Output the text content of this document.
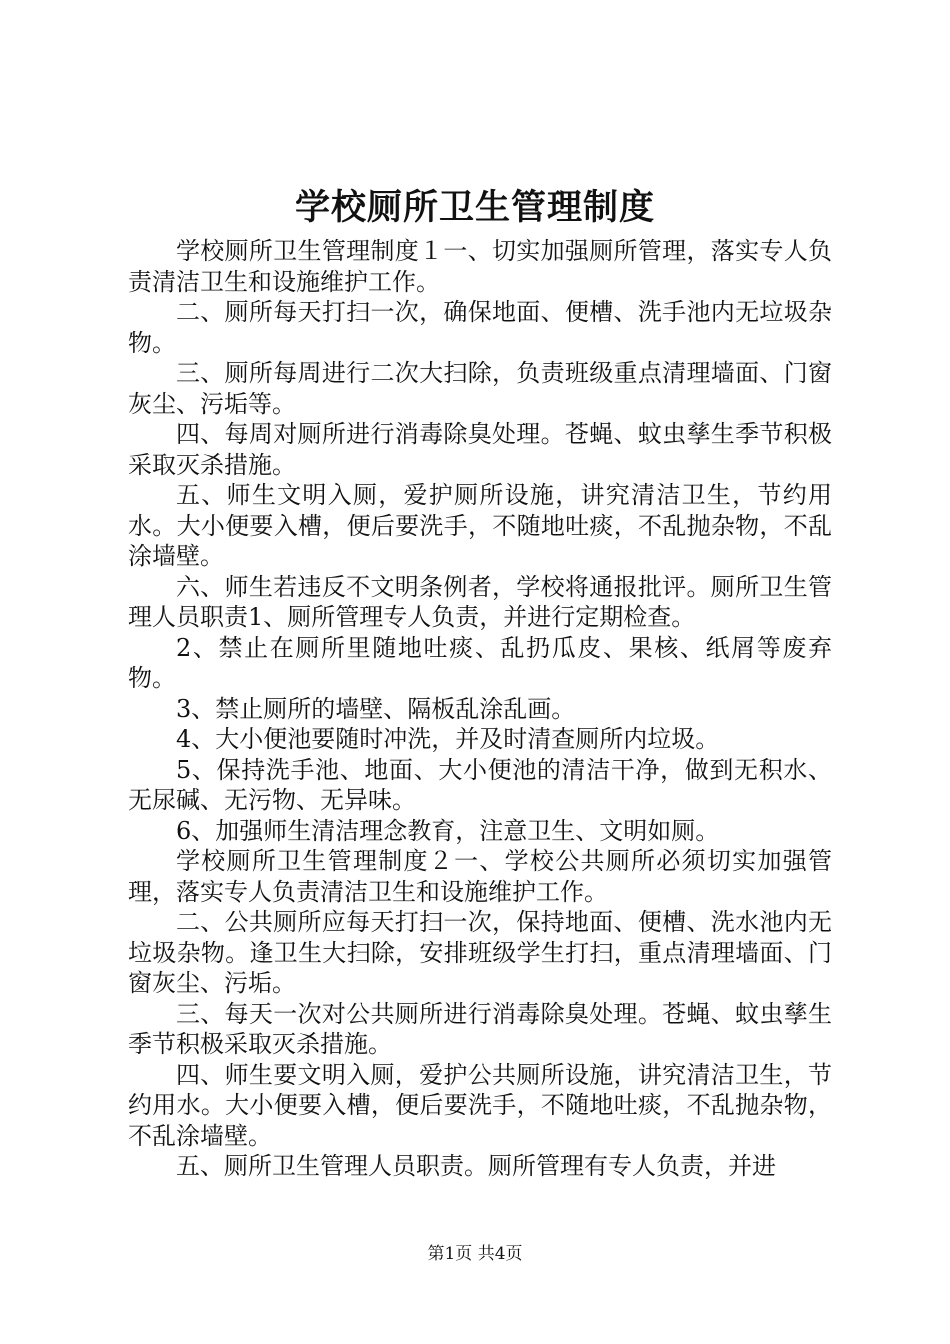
学校厕所卫生管理制度

学校厕所卫生管理制度１一、切实加强厕所管理，落实专人负责清洁卫生和设施维护工作。

二、厕所每天打扫一次，确保地面、便槽、洗手池内无垃圾杂物。

三、厕所每周进行二次大扫除，负责班级重点清理墙面、门窗灰尘、污垢等。

四、每周对厕所进行消毒除臭处理。苍蝇、蚊虫孳生季节积极采取灭杀措施。

五、师生文明入厕，爱护厕所设施，讲究清洁卫生，节约用水。大小便要入槽，便后要洗手，不随地吐痰，不乱抛杂物，不乱涂墙壁。

六、师生若违反不文明条例者，学校将通报批评。厕所卫生管理人员职责1、厕所管理专人负责，并进行定期检查。

2、禁止在厕所里随地吐痰、乱扔瓜皮、果核、纸屑等废弃物。

3、禁止厕所的墙壁、隔板乱涂乱画。

4、大小便池要随时冲洗，并及时清查厕所内垃圾。

5、保持洗手池、地面、大小便池的清洁干净，做到无积水、无尿碱、无污物、无异味。

6、加强师生清洁理念教育，注意卫生、文明如厕。

学校厕所卫生管理制度２一、学校公共厕所必须切实加强管理，落实专人负责清洁卫生和设施维护工作。

二、公共厕所应每天打扫一次，保持地面、便槽、洗水池内无垃圾杂物。逢卫生大扫除，安排班级学生打扫，重点清理墙面、门窗灰尘、污垢。

三、每天一次对公共厕所进行消毒除臭处理。苍蝇、蚊虫孳生季节积极采取灭杀措施。

四、师生要文明入厕，爱护公共厕所设施，讲究清洁卫生，节约用水。大小便要入槽，便后要洗手，不随地吐痰，不乱抛杂物，不乱涂墙壁。

五、厕所卫生管理人员职责。厕所管理有专人负责，并进

第1页 共4页
